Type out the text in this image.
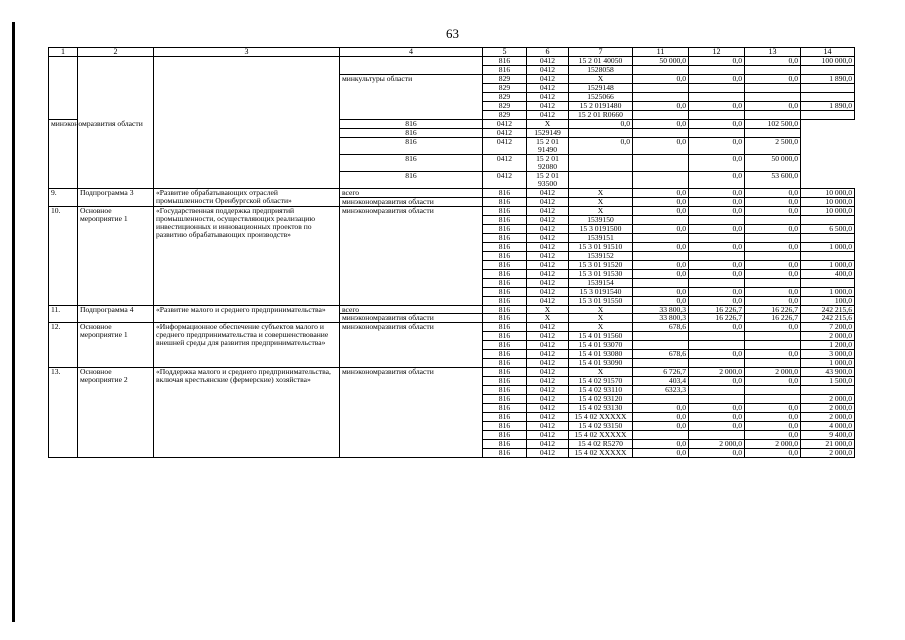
63
1	2	3	4	5	6	7	11	12	13	14
				816	0412	15 2 01 40050	50 000,0	0,0	0,0	100 000,0
				816	0412	1528058				
			минкультуры области	829	0412	X	0,0	0,0	0,0	1 890,0
				829	0412	1529148				
				829	0412	1525066				
				829	0412	15 2 0191480	0,0	0,0	0,0	1 890,0
				829	0412	15 2 01 R0660				
минэкономразвития области			816	0412	X	0,0	0,0	0,0	102 500,0	
			816	0412	1529149					
			816	0412	15 2 01 91490	0,0	0,0	0,0	2 500,0	
			816	0412	15 2 01 92080			0,0	50 000,0	
			816	0412	15 2 01 93500			0,0	53 600,0	
9.	Подпрограмма 3	«Развитие обрабатывающих отраслей промышленности Оренбургской области»	всего	816	0412	X	0,0	0,0	0,0	10 000,0
			минэкономразвития области	816	0412	X	0,0	0,0	0,0	10 000,0
10.	Основное мероприятие 1	«Государственная поддержка предприятий промышленности, осуществляющих реализацию инвестиционных и инновационных проектов по развитию обрабатывающих производств»	минэкономразвития области	816	0412	X	0,0	0,0	0,0	10 000,0
				816	0412	1539150				
				816	0412	15 3 0191500	0,0	0,0	0,0	6 500,0
				816	0412	1539151				
				816	0412	15 3 01 91510	0,0	0,0	0,0	1 000,0
				816	0412	1539152				
				816	0412	15 3 01 91520	0,0	0,0	0,0	1 000,0
				816	0412	15 3 01 91530	0,0	0,0	0,0	400,0
				816	0412	1539154				
				816	0412	15 3 0191540	0,0	0,0	0,0	1 000,0
				816	0412	15 3 01 91550	0,0	0,0	0,0	100,0
11.	Подпрограмма 4	«Развитие малого и среднего предпринимательства»	всего	816	X	X	33 800,3	16 226,7	16 226,7	242 215,6
			минэкономразвития области	816	X	X	33 800,3	16 226,7	16 226,7	242 215,6
12.	Основное мероприятие 1	«Информационное обеспечение субъектов малого и среднего предпринимательства и совершенствование внешней среды для развития предпринимательства»	минэкономразвития области	816	0412	X	678,6	0,0	0,0	7 200,0
				816	0412	15 4 01 91560				2 000,0
				816	0412	15 4 01 93070				1 200,0
				816	0412	15 4 01 93080	678,6	0,0	0,0	3 000,0
				816	0412	15 4 01 93090				1 000,0
13.	Основное мероприятие 2	«Поддержка малого и среднего предпринимательства, включая крестьянские (фермерские) хозяйства»	минэкономразвития области	816	0412	X	6 726,7	2 000,0	2 000,0	43 900,0
				816	0412	15 4 02 91570	403,4	0,0	0,0	1 500,0
				816	0412	15 4 02 93110	6323,3			
				816	0412	15 4 02 93120				2 000,0
				816	0412	15 4 02 93130	0,0	0,0	0,0	2 000,0
				816	0412	15 4 02 XXXXX	0,0	0,0	0,0	2 000,0
				816	0412	15 4 02 93150	0,0	0,0	0,0	4 000,0
				816	0412	15 4 02 XXXXX			0,0	9 400,0
				816	0412	15 4 02 R5270	0,0	2 000,0	2 000,0	21 000,0
				816	0412	15 4 02 XXXXX	0,0	0,0	0,0	2 000,0
